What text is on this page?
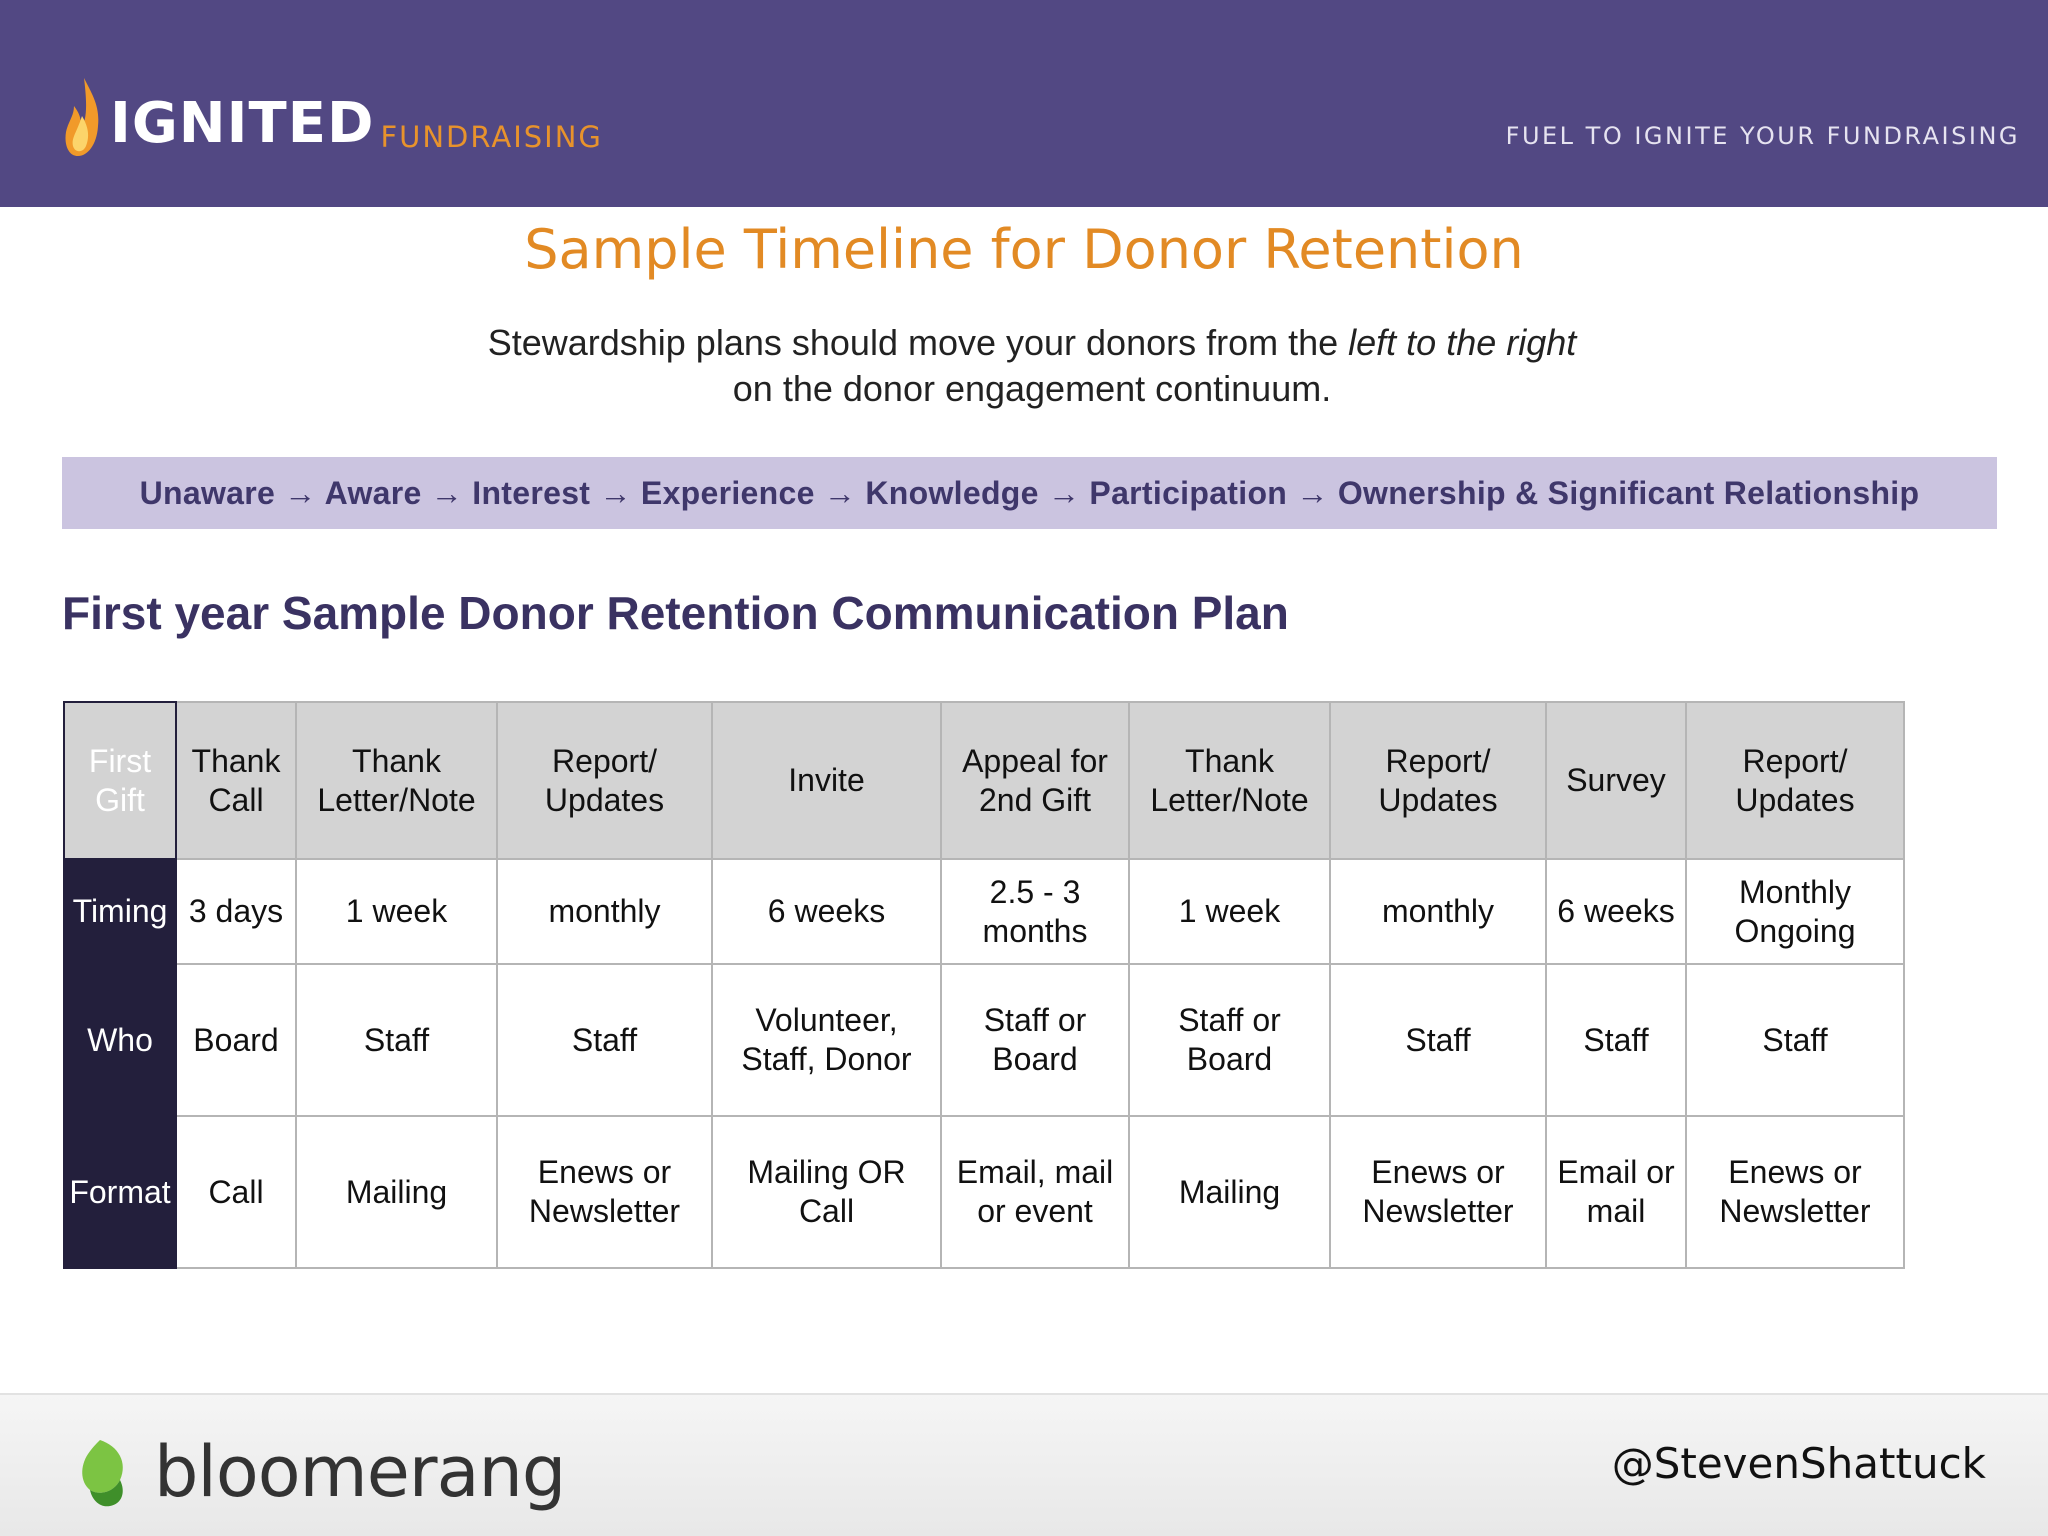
IGNITED FUNDRAISING	FUEL TO IGNITE YOUR FUNDRAISING
Sample Timeline for Donor Retention
Stewardship plans should move your donors from the left to the right
on the donor engagement continuum.
Unaware → Aware → Interest → Experience → Knowledge → Participation → Ownership & Significant Relationship
First year Sample Donor Retention Communication Plan
First Gift	Thank Call	Thank Letter/Note	Report/ Updates	Invite	Appeal for 2nd Gift	Thank Letter/Note	Report/ Updates	Survey	Report/ Updates
Timing	3 days	1 week	monthly	6 weeks	2.5 - 3 months	1 week	monthly	6 weeks	Monthly Ongoing
Who	Board	Staff	Staff	Volunteer, Staff, Donor	Staff or Board	Staff or Board	Staff	Staff	Staff
Format	Call	Mailing	Enews or Newsletter	Mailing OR Call	Email, mail or event	Mailing	Enews or Newsletter	Email or mail	Enews or Newsletter
bloomerang	@StevenShattuck
